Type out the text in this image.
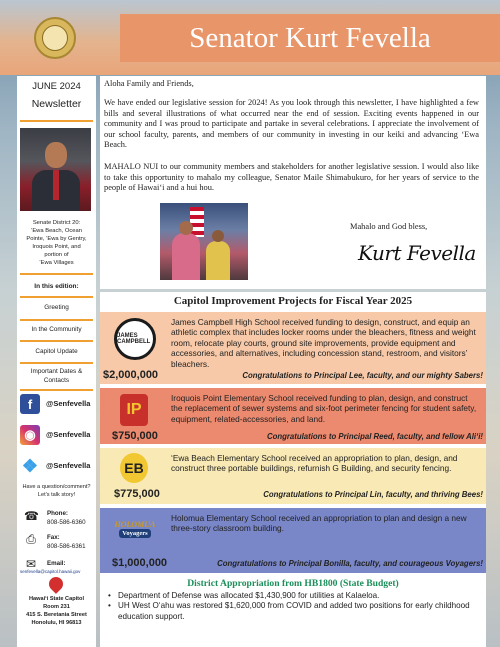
Senator Kurt Fevella
JUNE 2024
Newsletter
Senate District 20:
‘Ewa Beach, Ocean
Pointe, ‘Ewa by Gentry,
Iroquois Point, and
portion of
‘Ewa Villages
In this edition:
Greeting
In the Community
Capitol Update
Important Dates &
Contacts
f	@Senfevella
◉	@Senfevella
❖ @Senfevella
Have a question/comment?
Let's talk story!
☎ Phone:
808-586-6360
⎙	Fax:
808-586-6361
✉	Email:
senfevella@capitol.hawaii.gov
Hawai‘i State Capitol
Room 231
415 S. Beretania Street
Honolulu, HI 96813

Aloha Family and Friends,

We have ended our legislative session for 2024! As you look through this newsletter, I have highlighted a few bills and several illustrations of what occurred near the end of session. Exciting events happened in our community and I was proud to participate and partake in several celebrations. I appreciate the involvement of our school faculty, parents, and members of our community in investing in our keiki and advancing ‘Ewa Beach.

MAHALO NUI to our community members and stakeholders for another legislative session. I would also like to take this opportunity to mahalo my colleague, Senator Maile Shimabukuro, for her years of service to the people of Hawai‘i and a hui hou.

Mahalo and God bless,

Kurt Fevella
Capitol Improvement Projects for Fiscal Year 2025
JAMES CAMPBELL
James Campbell High School received funding to design, construct, and equip an athletic complex that includes locker rooms under the bleachers, fitness and weight room, relocate play courts, ground site improvements, provide equipment and accessories, and alternatives, including concession stand, restroom, and visitors’ bleachers.
$2,000,000	Congratulations to Principal Lee, faculty, and our mighty Sabers!
IP
Iroquois Point Elementary School received funding to plan, design, and construct the replacement of sewer systems and six-foot perimeter fencing for student safety, equipment, related-accessories, and land.
$750,000	Congratulations to Principal Reed, faculty, and fellow Ali‘i!
EB
‘Ewa Beach Elementary School received an appropriation to plan, design, and construct three portable buildings, refurnish G Building, and security fencing.
$775,000	Congratulations to Principal Lin, faculty, and thriving Bees!
HOLOMUA
Voyagers
Holomua Elementary School received an appropriation to plan and design a new three-story classroom building.
$1,000,000	Congratulations to Principal Bonilla, faculty, and courageous Voyagers!
District Appropriation from HB1800 (State Budget)
• Department of Defense was allocated $1,430,900 for utilities at Kalaeloa.
• UH West O‘ahu was restored $1,620,000 from COVID and added two positions for early childhood education support.
